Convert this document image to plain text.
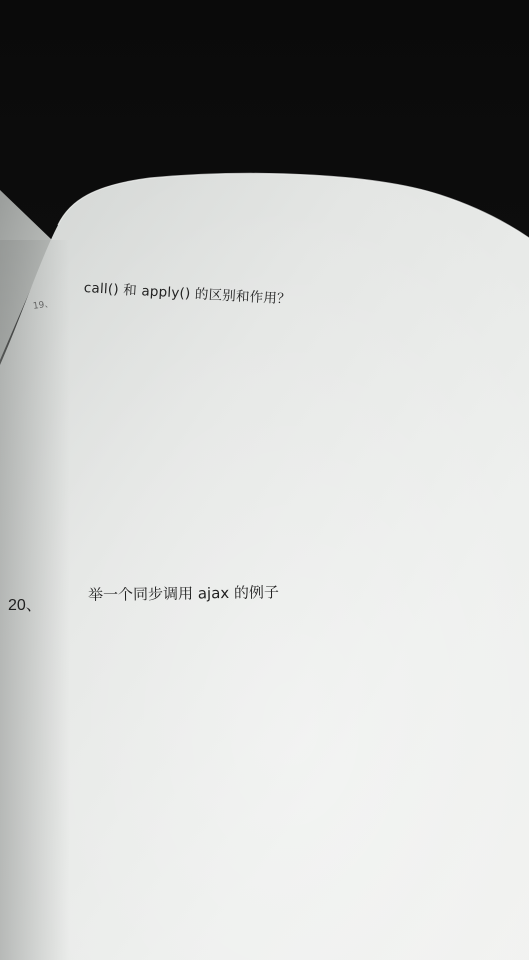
19、 call() 和 apply() 的区别和作用？
20、
举一个同步调用 ajax 的例子
